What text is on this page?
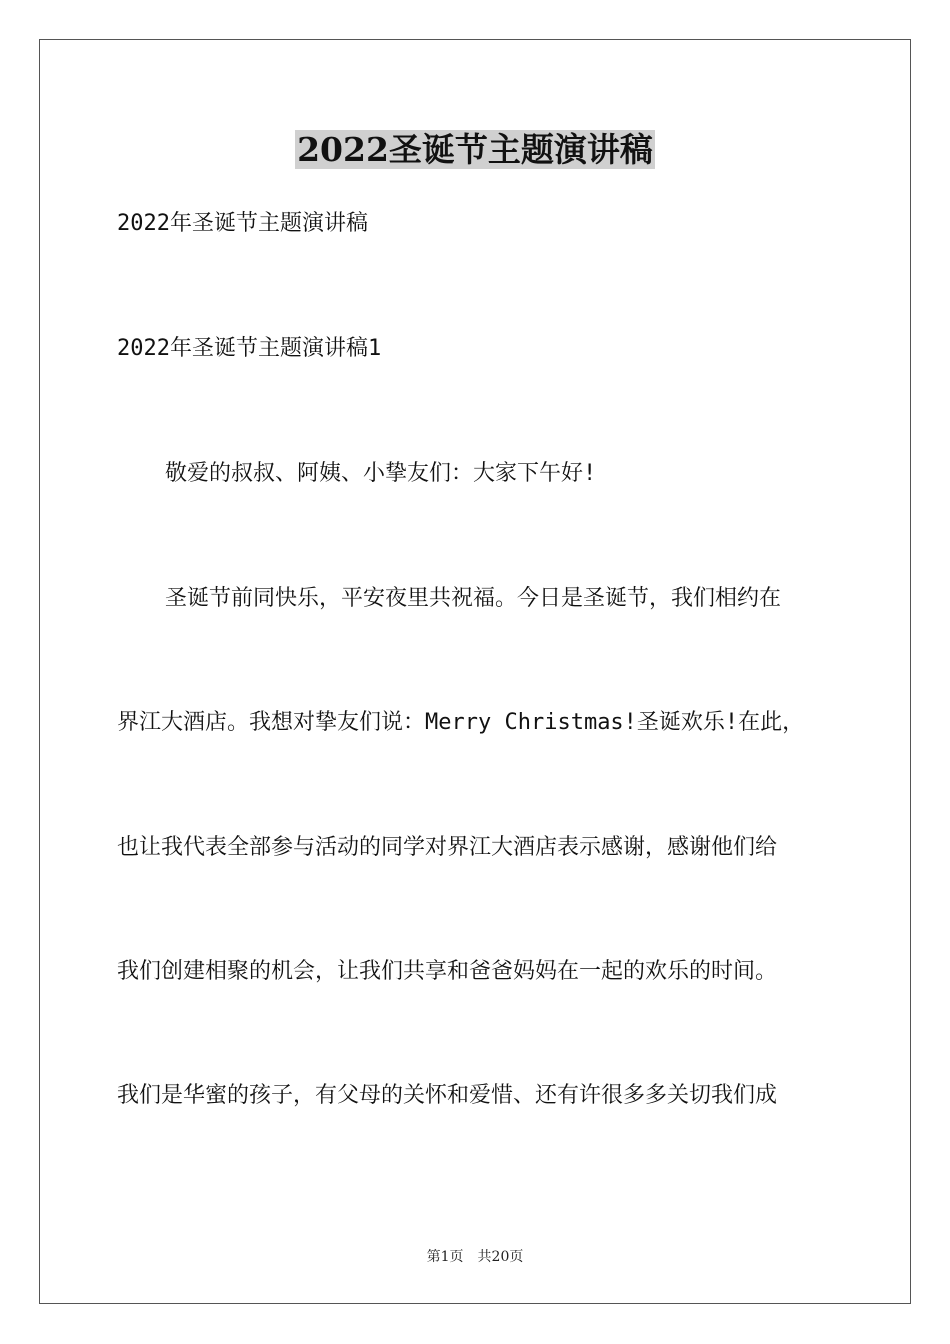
2022圣诞节主题演讲稿
2022年圣诞节主题演讲稿
2022年圣诞节主题演讲稿1
敬爱的叔叔、阿姨、小挚友们：大家下午好!
圣诞节前同快乐，平安夜里共祝福。今日是圣诞节，我们相约在
界江大酒店。我想对挚友们说：Merry Christmas!圣诞欢乐!在此，
也让我代表全部参与活动的同学对界江大酒店表示感谢，感谢他们给
我们创建相聚的机会，让我们共享和爸爸妈妈在一起的欢乐的时间。
我们是华蜜的孩子，有父母的关怀和爱惜、还有许很多多关切我们成
第1页 共20页
